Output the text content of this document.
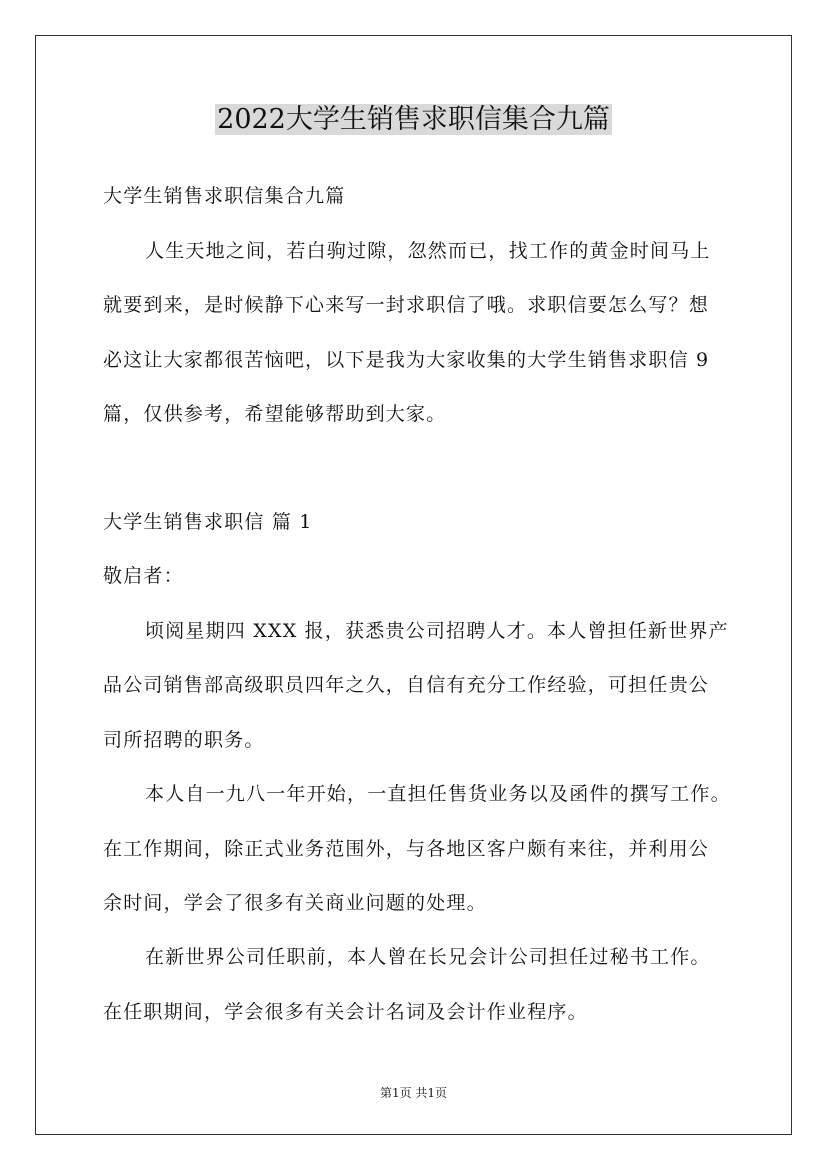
2022大学生销售求职信集合九篇
大学生销售求职信集合九篇
人生天地之间，若白驹过隙，忽然而已，找工作的黄金时间马上
就要到来，是时候静下心来写一封求职信了哦。求职信要怎么写？想
必这让大家都很苦恼吧，以下是我为大家收集的大学生销售求职信 9
篇，仅供参考，希望能够帮助到大家。
大学生销售求职信 篇 1
敬启者：
顷阅星期四 XXX 报，获悉贵公司招聘人才。本人曾担任新世界产
品公司销售部高级职员四年之久，自信有充分工作经验，可担任贵公
司所招聘的职务。
本人自一九八一年开始，一直担任售货业务以及函件的撰写工作。
在工作期间，除正式业务范围外，与各地区客户颇有来往，并利用公
余时间，学会了很多有关商业问题的处理。
在新世界公司任职前，本人曾在长兄会计公司担任过秘书工作。
在任职期间，学会很多有关会计名词及会计作业程序。
第1页 共1页
